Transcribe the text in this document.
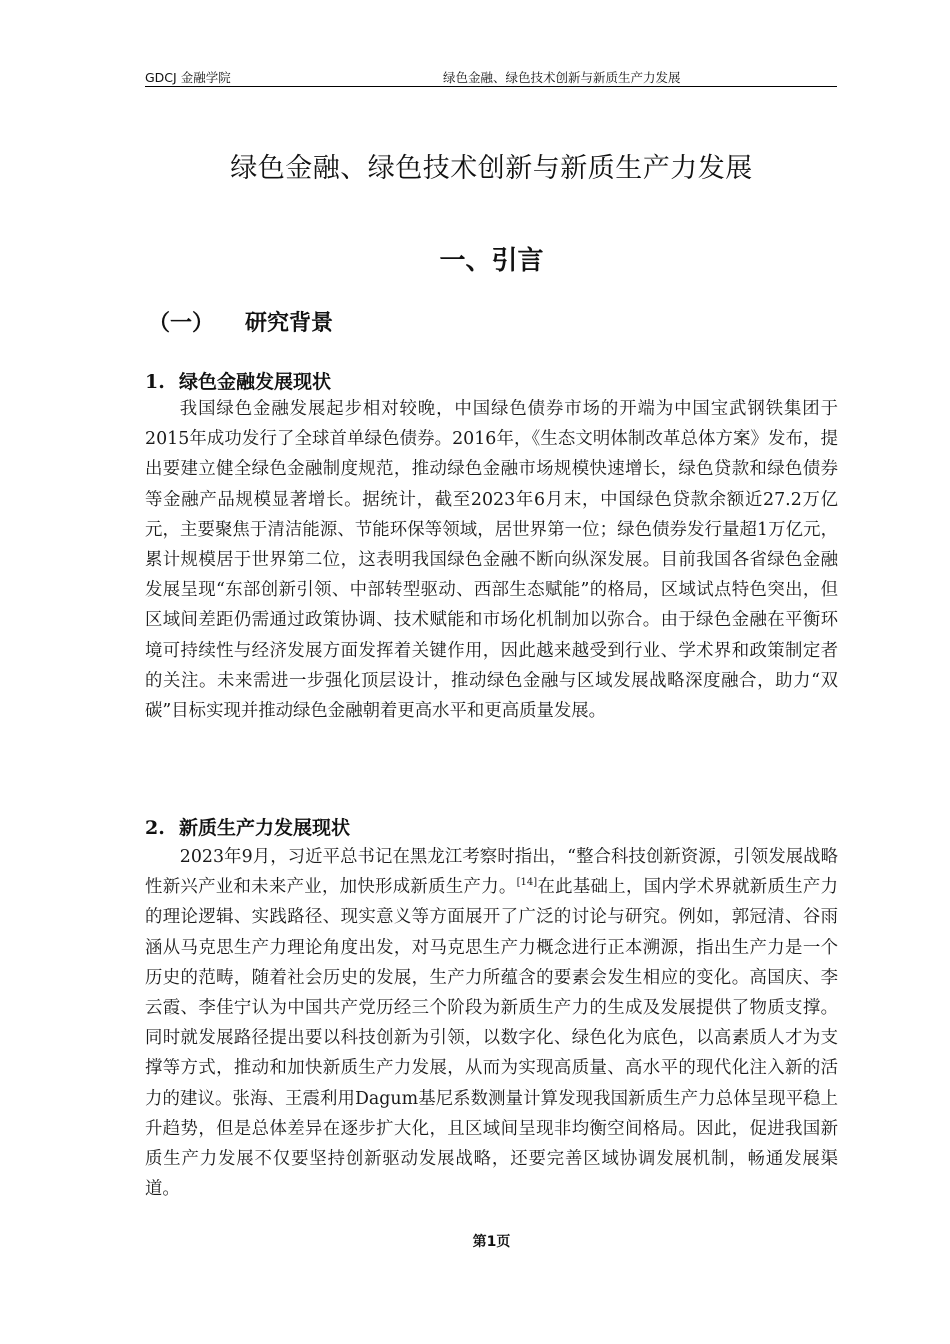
GDCJ 金融学院	绿色金融、绿色技术创新与新质生产力发展
绿色金融、绿色技术创新与新质生产力发展
一、引言
（一） 研究背景
1. 绿色金融发展现状

我国绿色金融发展起步相对较晚，中国绿色债券市场的开端为中国宝武钢铁集团于2015年成功发行了全球首单绿色债券。2016年，《生态文明体制改革总体方案》发布，提出要建立健全绿色金融制度规范，推动绿色金融市场规模快速增长，绿色贷款和绿色债券等金融产品规模显著增长。据统计，截至2023年6月末，中国绿色贷款余额近27.2万亿元，主要聚焦于清洁能源、节能环保等领域，居世界第一位；绿色债券发行量超1万亿元，累计规模居于世界第二位，这表明我国绿色金融不断向纵深发展。目前我国各省绿色金融发展呈现“东部创新引领、中部转型驱动、西部生态赋能”的格局，区域试点特色突出，但区域间差距仍需通过政策协调、技术赋能和市场化机制加以弥合。由于绿色金融在平衡环境可持续性与经济发展方面发挥着关键作用，因此越来越受到行业、学术界和政策制定者的关注。未来需进一步强化顶层设计，推动绿色金融与区域发展战略深度融合，助力“双碳”目标实现并推动绿色金融朝着更高水平和更高质量发展。

2. 新质生产力发展现状

2023年9月，习近平总书记在黑龙江考察时指出，“整合科技创新资源，引领发展战略性新兴产业和未来产业，加快形成新质生产力。[14]在此基础上，国内学术界就新质生产力的理论逻辑、实践路径、现实意义等方面展开了广泛的讨论与研究。例如，郭冠清、谷雨涵从马克思生产力理论角度出发，对马克思生产力概念进行正本溯源，指出生产力是一个历史的范畴，随着社会历史的发展，生产力所蕴含的要素会发生相应的变化。高国庆、李云霞、李佳宁认为中国共产党历经三个阶段为新质生产力的生成及发展提供了物质支撑。同时就发展路径提出要以科技创新为引领，以数字化、绿色化为底色，以高素质人才为支撑等方式，推动和加快新质生产力发展，从而为实现高质量、高水平的现代化注入新的活力的建议。张海、王震利用Dagum基尼系数测量计算发现我国新质生产力总体呈现平稳上升趋势，但是总体差异在逐步扩大化，且区域间呈现非均衡空间格局。因此，促进我国新质生产力发展不仅要坚持创新驱动发展战略，还要完善区域协调发展机制，畅通发展渠道。

第1页
